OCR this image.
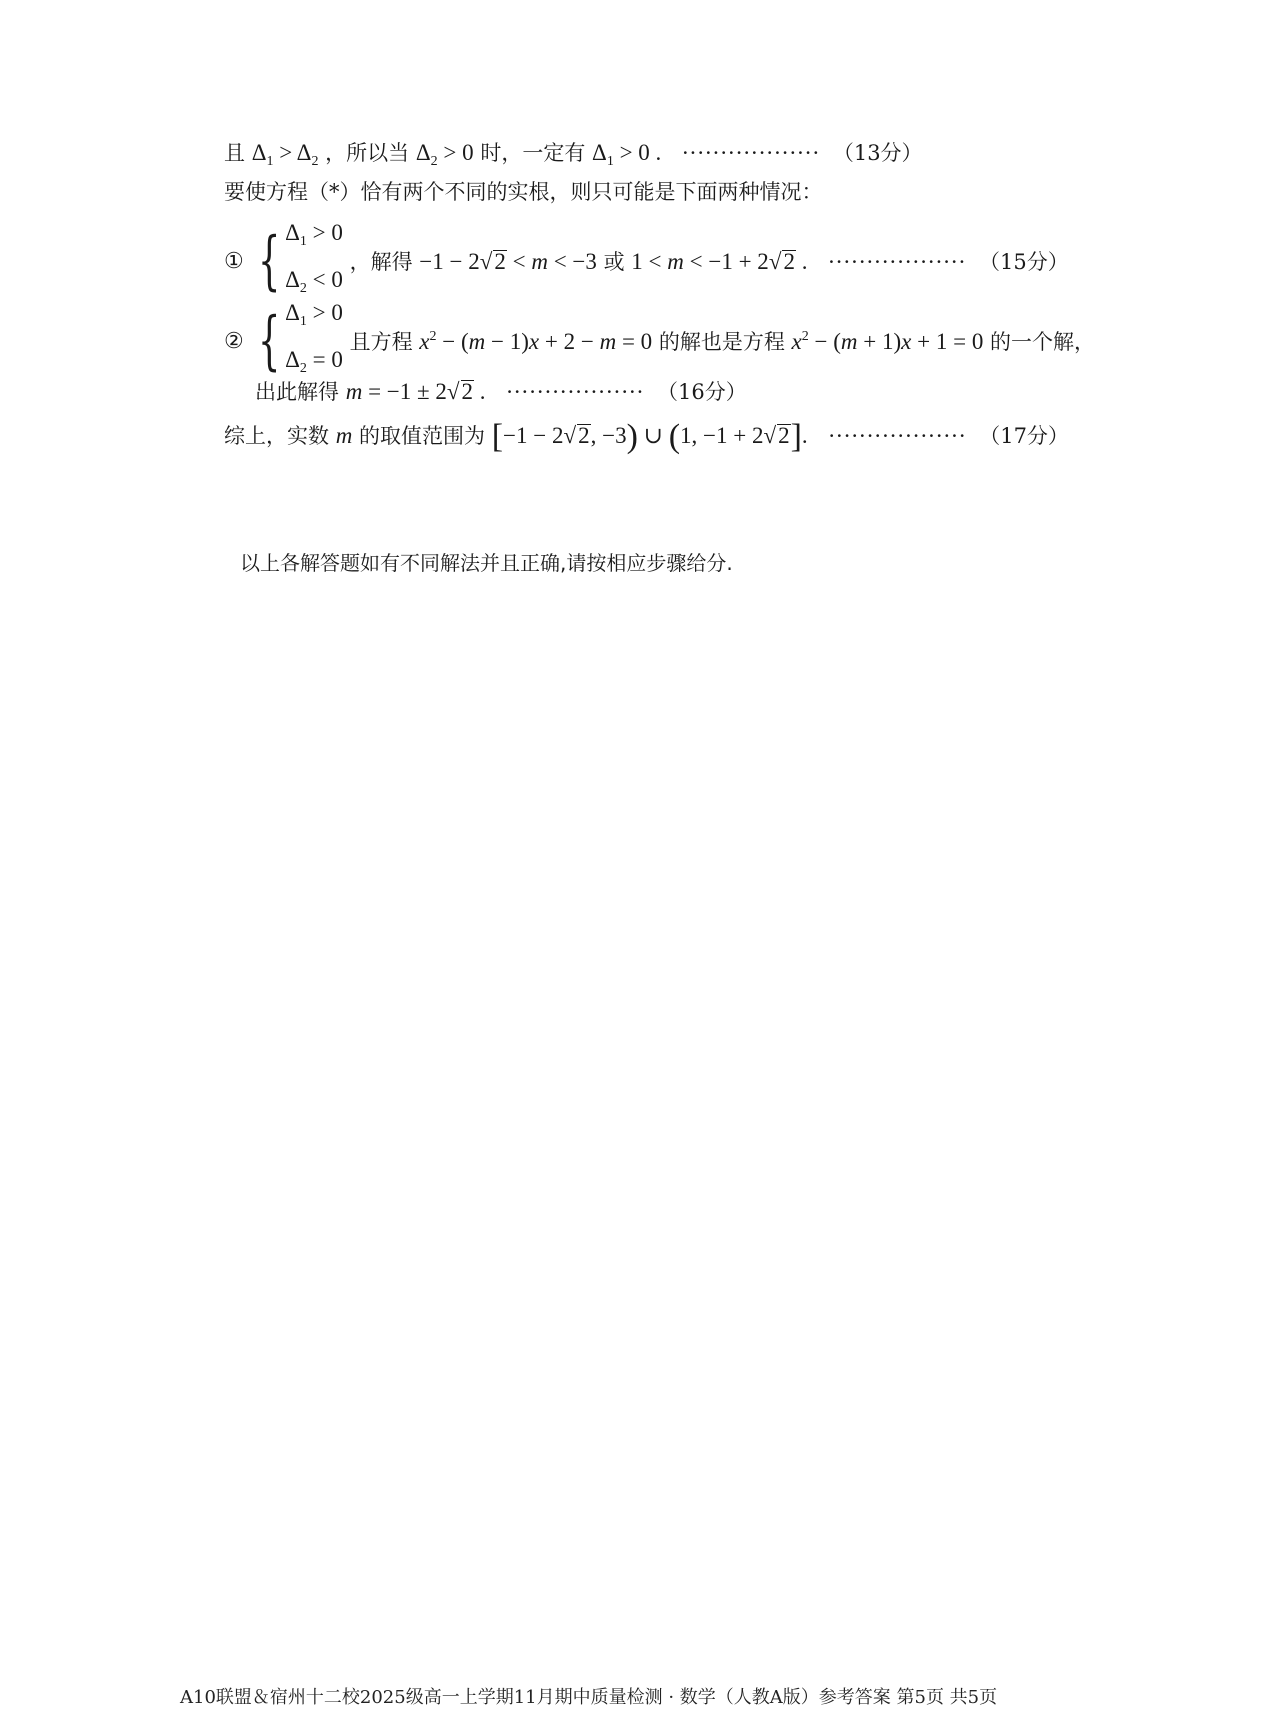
且 $\Delta_1 > \Delta_2$ ，所以当 $\Delta_2 > 0$ 时，一定有 $\Delta_1 > 0$ . ·················· （13分）
要使方程（*）恰有两个不同的实根，则只可能是下面两种情况：
① { $\Delta_1 > 0$
$\Delta_2 < 0$
，解得 −1 − 2√2 < m < −3 或 1 < m < −1 + 2√2 . ·················· （15分）
② { $\Delta_1 > 0$
$\Delta_2 = 0$
且方程 $x^2 - (m - 1)x + 2 - m = 0$ 的解也是方程 $x^2 - (m + 1)x + 1 = 0$ 的一个解，
出此解得 m = −1 ± 2√2 . ·················· （16分）
综上，实数 m 的取值范围为 [−1 − 2√2, −3) ∪ (1, −1 + 2√2]. ·················· （17分）
以上各解答题如有不同解法并且正确,请按相应步骤给分.
A10联盟＆宿州十二校2025级高一上学期11月期中质量检测 · 数学（人教A版）参考答案 第5页 共5页
